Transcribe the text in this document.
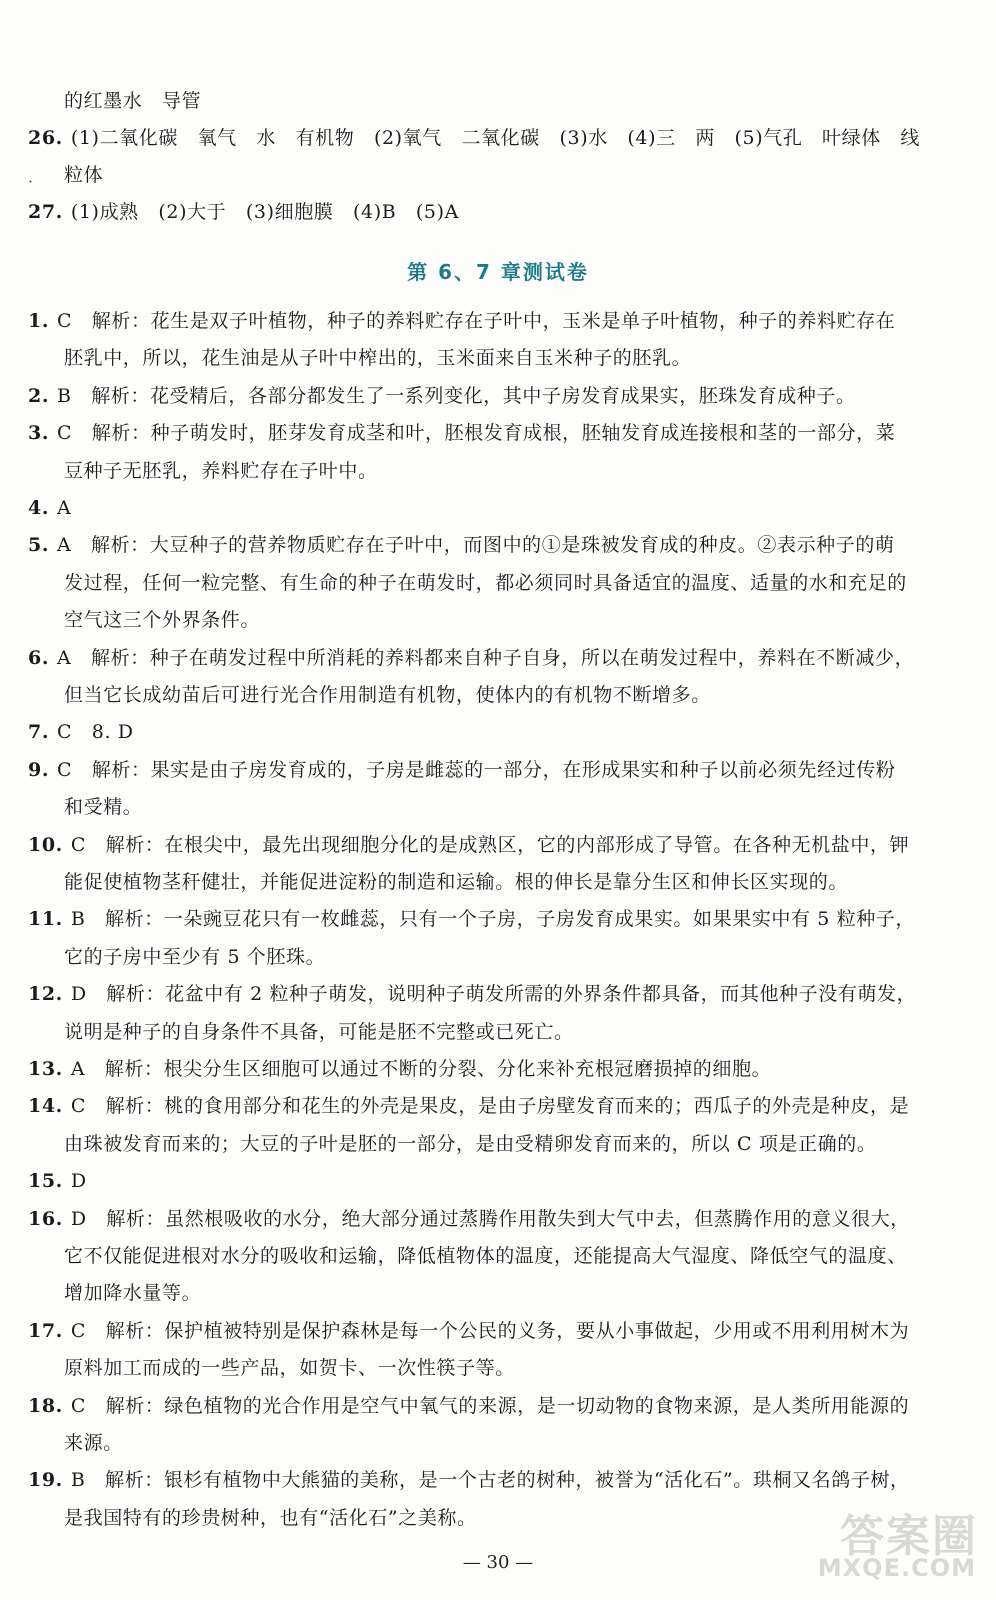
的红墨水　导管
26. (1)二氧化碳　氧气　水　有机物　(2)氧气　二氧化碳　(3)水　(4)三　两　(5)气孔　叶绿体　线
粒体
·
27. (1)成熟　(2)大于　(3)细胞膜　(4)B　(5)A
第 6、7 章测试卷
1. C　解析：花生是双子叶植物，种子的养料贮存在子叶中，玉米是单子叶植物，种子的养料贮存在
胚乳中，所以，花生油是从子叶中榨出的，玉米面来自玉米种子的胚乳。
2. B　解析：花受精后，各部分都发生了一系列变化，其中子房发育成果实，胚珠发育成种子。
3. C　解析：种子萌发时，胚芽发育成茎和叶，胚根发育成根，胚轴发育成连接根和茎的一部分，菜
豆种子无胚乳，养料贮存在子叶中。
4. A
5. A　解析：大豆种子的营养物质贮存在子叶中，而图中的①是珠被发育成的种皮。②表示种子的萌
发过程，任何一粒完整、有生命的种子在萌发时，都必须同时具备适宜的温度、适量的水和充足的
空气这三个外界条件。
6. A　解析：种子在萌发过程中所消耗的养料都来自种子自身，所以在萌发过程中，养料在不断减少，
但当它长成幼苗后可进行光合作用制造有机物，使体内的有机物不断增多。
7. C　8. D
9. C　解析：果实是由子房发育成的，子房是雌蕊的一部分，在形成果实和种子以前必须先经过传粉
和受精。
10. C　解析：在根尖中，最先出现细胞分化的是成熟区，它的内部形成了导管。在各种无机盐中，钾
能促使植物茎秆健壮，并能促进淀粉的制造和运输。根的伸长是靠分生区和伸长区实现的。
11. B　解析：一朵豌豆花只有一枚雌蕊，只有一个子房，子房发育成果实。如果果实中有 5 粒种子，
它的子房中至少有 5 个胚珠。
12. D　解析：花盆中有 2 粒种子萌发，说明种子萌发所需的外界条件都具备，而其他种子没有萌发，
说明是种子的自身条件不具备，可能是胚不完整或已死亡。
13. A　解析：根尖分生区细胞可以通过不断的分裂、分化来补充根冠磨损掉的细胞。
14. C　解析：桃的食用部分和花生的外壳是果皮，是由子房壁发育而来的；西瓜子的外壳是种皮，是
由珠被发育而来的；大豆的子叶是胚的一部分，是由受精卵发育而来的，所以 C 项是正确的。
15. D
16. D　解析：虽然根吸收的水分，绝大部分通过蒸腾作用散失到大气中去，但蒸腾作用的意义很大，
它不仅能促进根对水分的吸收和运输，降低植物体的温度，还能提高大气湿度、降低空气的温度、
增加降水量等。
17. C　解析：保护植被特别是保护森林是每一个公民的义务，要从小事做起，少用或不用利用树木为
原料加工而成的一些产品，如贺卡、一次性筷子等。
18. C　解析：绿色植物的光合作用是空气中氧气的来源，是一切动物的食物来源，是人类所用能源的
来源。
19. B　解析：银杉有植物中大熊猫的美称，是一个古老的树种，被誉为“活化石”。珙桐又名鸽子树，
是我国特有的珍贵树种，也有“活化石”之美称。
— 30 —
答案圈
MXQE.COM
